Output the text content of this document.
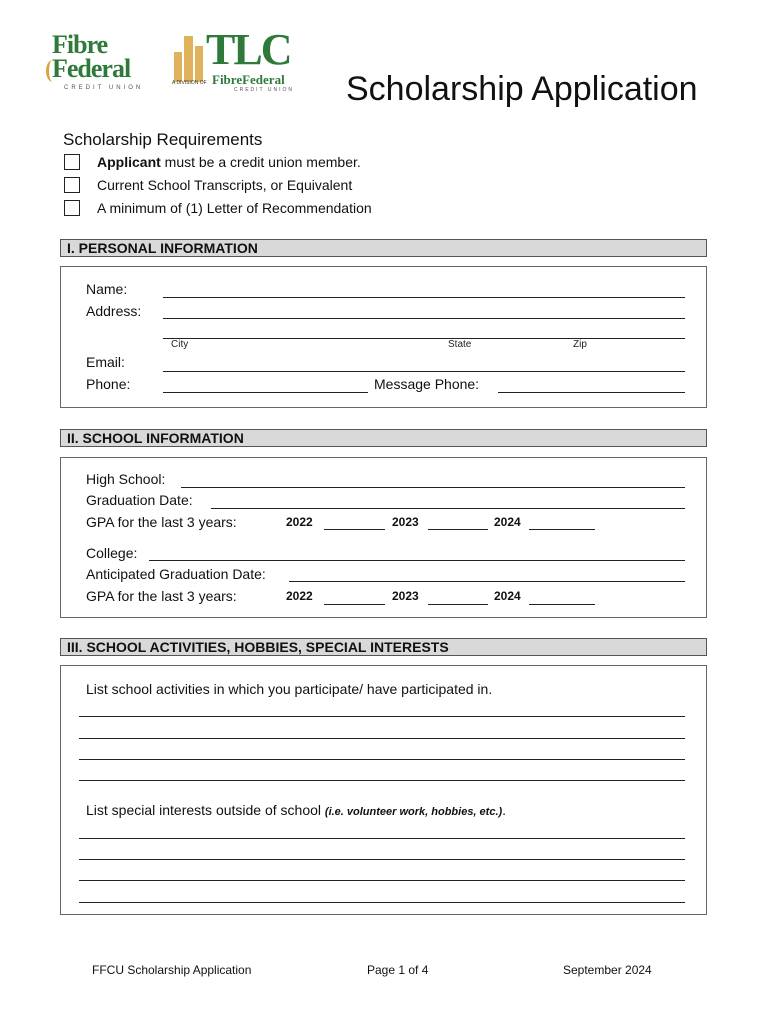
Fibre
Federal
CREDIT UNION
TLC
A DIVISION OF FibreFederal
CREDIT UNION Scholarship Application
Scholarship Requirements
Applicant must be a credit union member.
Current School Transcripts, or Equivalent
A minimum of (1) Letter of Recommendation
I. PERSONAL INFORMATION
Name:
Address:
City	State	Zip
Email:
Phone:	Message Phone:
II. SCHOOL INFORMATION
High School:
Graduation Date:
GPA for the last 3 years:	2022	2023	2024
College:
Anticipated Graduation Date:
GPA for the last 3 years:	2022	2023	2024
III. SCHOOL ACTIVITIES, HOBBIES, SPECIAL INTERESTS
List school activities in which you participate/ have participated in.
List special interests outside of school (i.e. volunteer work, hobbies, etc.).
FFCU Scholarship Application	Page 1 of 4	September 2024
